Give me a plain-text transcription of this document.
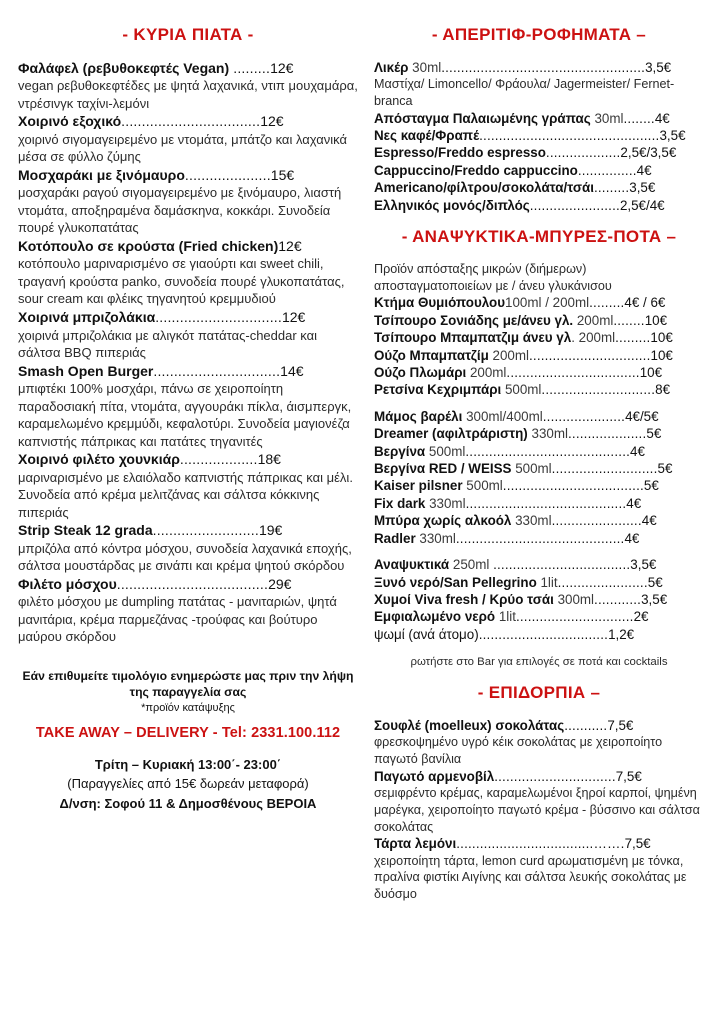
- ΚΥΡΙΑ ΠΙΑΤΑ -
Φαλάφελ (ρεβυθοκεφτές Vegan) .........12€
vegan ρεβυθοκεφτέδες με ψητά λαχανικά, ντιπ μουχαμάρα, ντρέσινγκ ταχίνι-λεμόνι
Χοιρινό εξοχικό..................................12€
χοιρινό σιγομαγειρεμένο με ντομάτα, μπάτζο και λαχανικά μέσα σε φύλλο ζύμης
Μοσχαράκι με ξινόμαυρο.....................15€
μοσχαράκι ραγού σιγομαγειρεμένο με ξινόμαυρο, λιαστή ντομάτα, αποξηραμένα δαμάσκηνα, κοκκάρι. Συνοδεία πουρέ γλυκοπατάτας
Κοτόπουλο σε κρούστα (Fried chicken)12€
κοτόπουλο μαριναρισμένο σε γιαούρτι και sweet chili, τραγανή κρούστα panko, συνοδεία πουρέ γλυκοπατάτας, sour cream και φλέικς τηγανητού κρεμμυδιού
Χοιρινά μπριζολάκια...............................12€
χοιρινά μπριζολάκια με αλιγκότ πατάτας-cheddar και σάλτσα BBQ πιπεριάς
Smash Open Burger...............................14€
μπιφτέκι 100% μοσχάρι, πάνω σε χειροποίητη παραδοσιακή πίτα, ντομάτα, αγγουράκι πίκλα, άισμπεργκ, καραμελωμένο κρεμμύδι, κεφαλοτύρι. Συνοδεία μαγιονέζα καπνιστής πάπρικας και πατάτες τηγανιτές
Χοιρινό φιλέτο χουνκιάρ...................18€
μαριναρισμένο με ελαιόλαδο καπνιστής πάπρικας και μέλι. Συνοδεία από κρέμα μελιτζάνας και σάλτσα κόκκινης πιπεριάς
Strip Steak 12 grada..........................19€
μπριζόλα από κόντρα μόσχου, συνοδεία λαχανικά εποχής, σάλτσα μουστάρδας με σινάπι και κρέμα ψητού σκόρδου
Φιλέτο μόσχου.....................................29€
φιλέτο μόσχου με dumpling πατάτας - μανιταριών, ψητά μανιτάρια, κρέμα παρμεζάνας -τρούφας και βούτυρο μαύρου σκόρδου

Εάν επιθυμείτε τιμολόγιο ενημερώστε μας πριν την λήψη της παραγγελία σας

*προϊόν κατάψυξης

TAKE AWAY – DELIVERY - Tel: 2331.100.112
Τρίτη – Κυριακή 13:00΄- 23:00΄
(Παραγγελίες από 15€ δωρεάν μεταφορά)
Δ/νση: Σοφού 11 & Δημοσθένους ΒΕΡΟΙΑ
- ΑΠΕΡΙΤΙΦ-ΡΟΦΗΜΑΤΑ –
Λικέρ 30ml....................................................3,5€
Μαστίχα/ Limoncello/ Φράουλα/ Jagermeister/ Fernet-branca
Απόσταγμα Παλαιωμένης γράπας 30ml........4€
Νες καφέ/Φραπέ..............................................3,5€
Espresso/Freddo espresso...................2,5€/3,5€
Cappuccino/Freddo cappuccino...............4€
Americano/φίλτρου/σοκολάτα/τσάι.........3,5€
Ελληνικός μονός/διπλός.......................2,5€/4€
- ΑΝΑΨΥΚΤΙΚΑ-ΜΠΥΡΕΣ-ΠΟΤΑ –
Προϊόν απόσταξης μικρών (διήμερων) αποσταγματοποιείων με / άνευ γλυκάνισου
Κτήμα Θυμιόπουλου100ml / 200ml.........4€ / 6€
Τσίπουρο Σονιάδης με/άνευ γλ. 200ml........10€
Τσίπουρο Μπαμπατζιμ άνευ γλ. 200ml.........10€
Ούζο Μπαμπατζίμ 200ml...............................10€
Ούζο Πλωμάρι 200ml..................................10€
Ρετσίνα Κεχριμπάρι 500ml.............................8€
Μάμος βαρέλι 300ml/400ml.....................4€/5€
Dreamer (αφιλτράριστη) 330ml....................5€
Βεργίνα 500ml..........................................4€
Βεργίνα RED / WEISS 500ml...........................5€
Kaiser pilsner 500ml....................................5€
Fix dark 330ml.........................................4€
Μπύρα χωρίς αλκοόλ 330ml.......................4€
Radler 330ml...........................................4€
Αναψυκτικά 250ml ...................................3,5€
Ξυνό νερό/San Pellegrino 1lit.......................5€
Χυμοί Viva fresh / Κρύο τσάι 300ml............3,5€
Εμφιαλωμένο νερό 1lit..............................2€
ψωμί (ανά άτομο).................................1,2€
ρωτήστε στο Bar για επιλογές σε ποτά και cocktails
- ΕΠΙΔΟΡΠΙΑ –
Σουφλέ (moelleux) σοκολάτας...........7,5€
φρεσκοψημένο υγρό κέικ σοκολάτας με χειροποίητο παγωτό βανίλια
Παγωτό αρμενοβίλ...............................7,5€
σεμιφρέντο κρέμας, καραμελωμένοι ξηροί καρποί, ψημένη μαρέγκα, χειροποίητο παγωτό κρέμα - βύσσινο και σάλτσα σοκολάτας
Τάρτα λεμόνι...................................…….7,5€
χειροποίητη τάρτα, lemon curd αρωματισμένη με τόνκα, πραλίνα φιστίκι Αιγίνης και σάλτσα λευκής σοκολάτας με δυόσμο
